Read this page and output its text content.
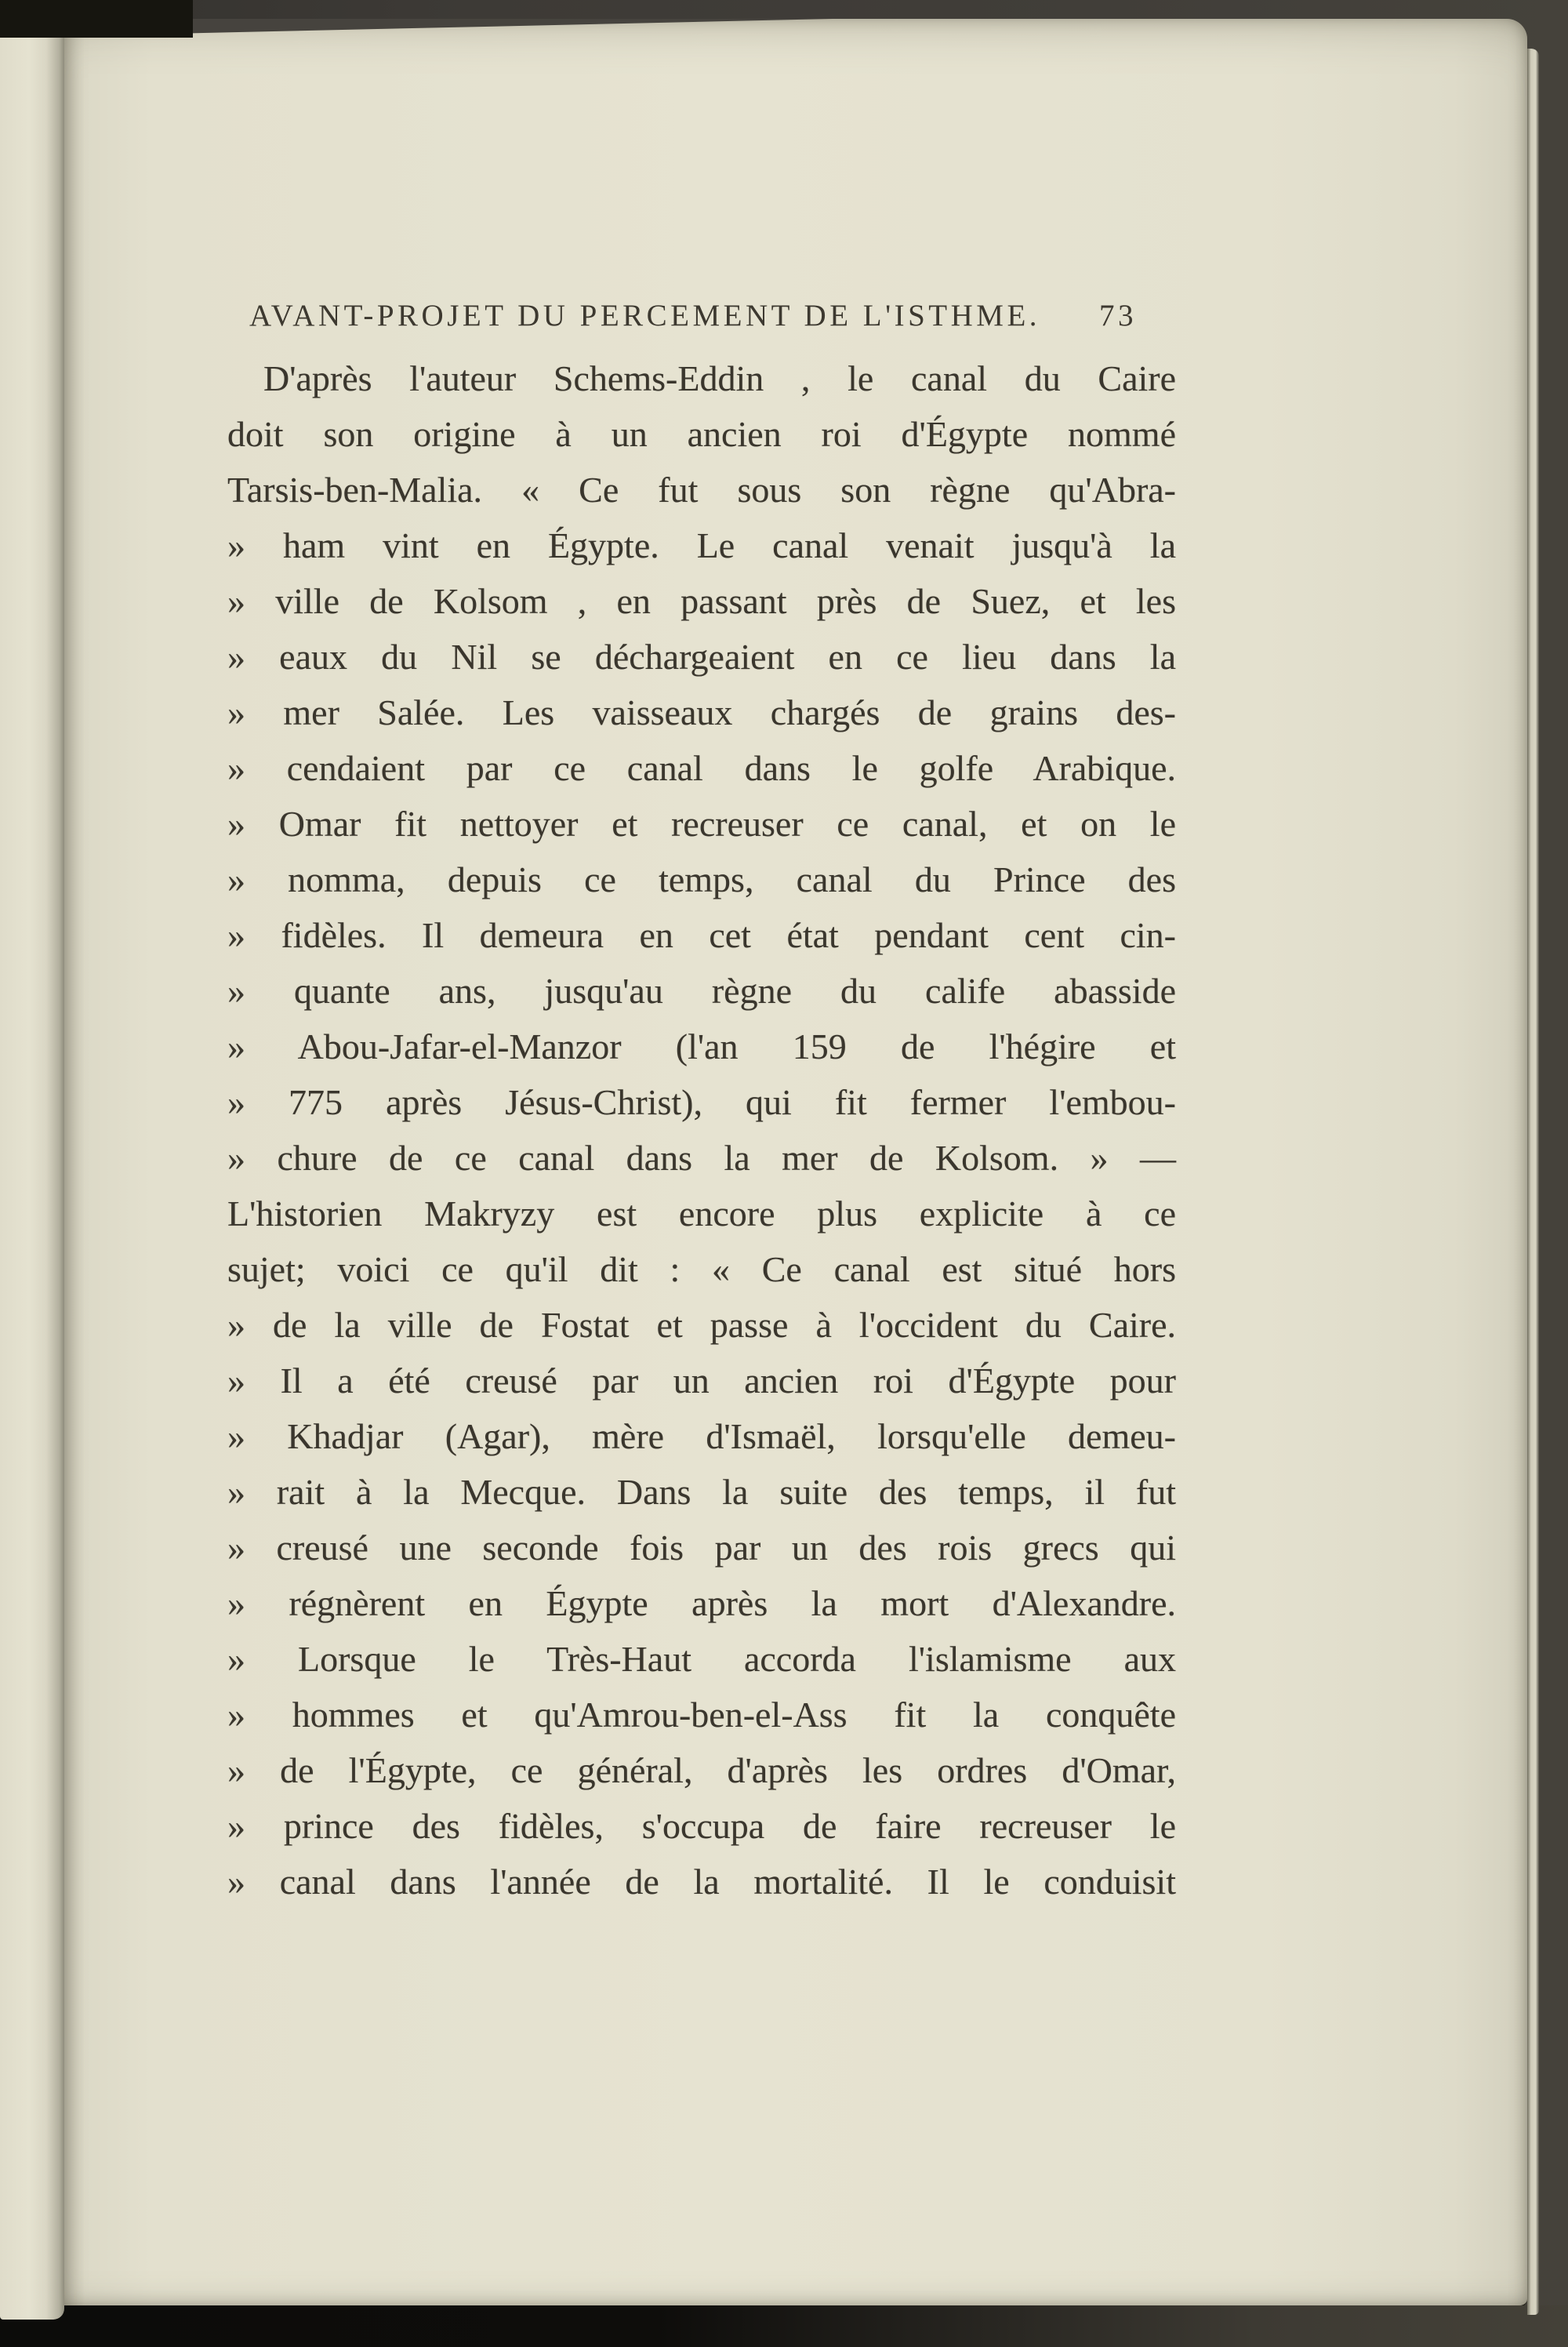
AVANT-PROJET DU PERCEMENT DE L'ISTHME. 73
D'après l'auteur Schems-Eddin , le canal du Caire
doit son origine à un ancien roi d'Égypte nommé
Tarsis-ben-Malia. « Ce fut sous son règne qu'Abra-
» ham vint en Égypte. Le canal venait jusqu'à la
» ville de Kolsom , en passant près de Suez, et les
» eaux du Nil se déchargeaient en ce lieu dans la
» mer Salée. Les vaisseaux chargés de grains des-
» cendaient par ce canal dans le golfe Arabique.
» Omar fit nettoyer et recreuser ce canal, et on le
» nomma, depuis ce temps, canal du Prince des
» fidèles. Il demeura en cet état pendant cent cin-
» quante ans, jusqu'au règne du calife abasside
» Abou-Jafar-el-Manzor (l'an 159 de l'hégire et
» 775 après Jésus-Christ), qui fit fermer l'embou-
» chure de ce canal dans la mer de Kolsom. » —
L'historien Makryzy est encore plus explicite à ce
sujet; voici ce qu'il dit : « Ce canal est situé hors
» de la ville de Fostat et passe à l'occident du Caire.
» Il a été creusé par un ancien roi d'Égypte pour
» Khadjar (Agar), mère d'Ismaël, lorsqu'elle demeu-
» rait à la Mecque. Dans la suite des temps, il fut
» creusé une seconde fois par un des rois grecs qui
» régnèrent en Égypte après la mort d'Alexandre.
» Lorsque le Très-Haut accorda l'islamisme aux
» hommes et qu'Amrou-ben-el-Ass fit la conquête
» de l'Égypte, ce général, d'après les ordres d'Omar,
» prince des fidèles, s'occupa de faire recreuser le
» canal dans l'année de la mortalité. Il le conduisit
